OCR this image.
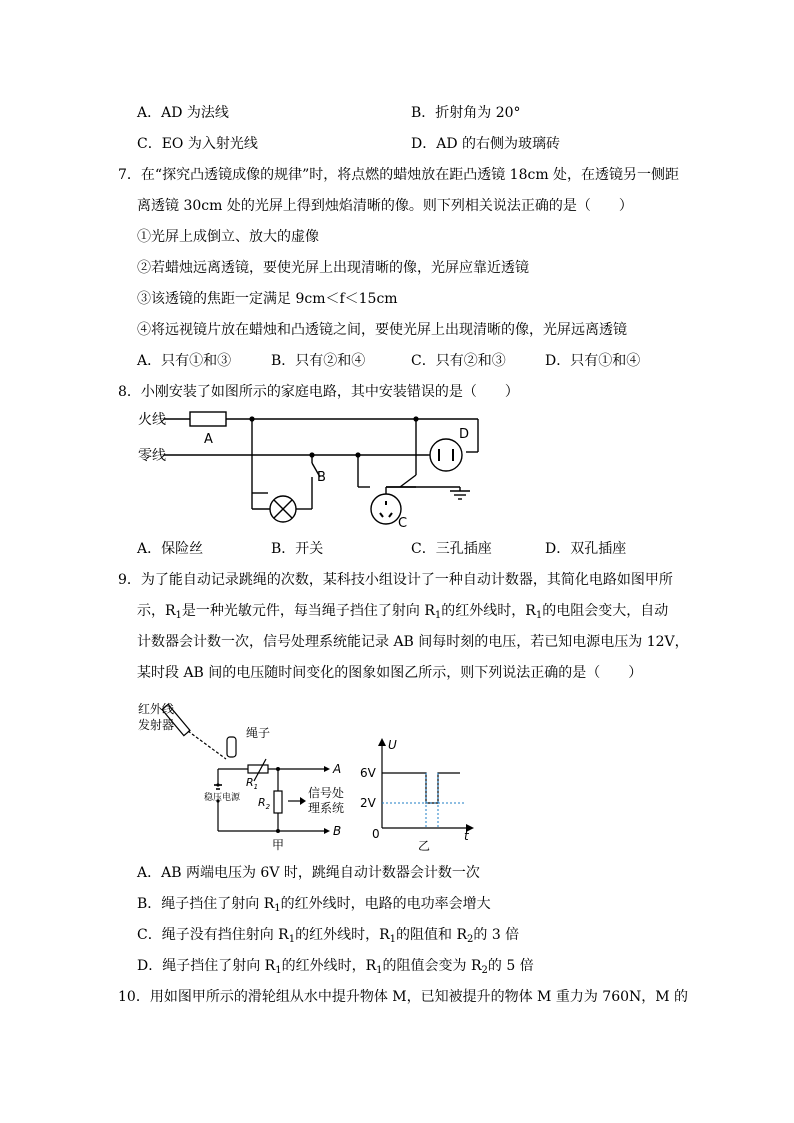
A．AD 为法线	B．折射角为 20°
C．EO 为入射光线	D．AD 的右侧为玻璃砖
7．在“探究凸透镜成像的规律”时，将点燃的蜡烛放在距凸透镜 18cm 处，在透镜另一侧距
离透镜 30cm 处的光屏上得到烛焰清晰的像。则下列相关说法正确的是（　　）
①光屏上成倒立、放大的虚像
②若蜡烛远离透镜，要使光屏上出现清晰的像，光屏应靠近透镜
③该透镜的焦距一定满足 9cm＜f＜15cm
④将远视镜片放在蜡烛和凸透镜之间，要使光屏上出现清晰的像，光屏远离透镜
A．只有①和③	B．只有②和④	C．只有②和③	D．只有①和④
8．小刚安装了如图所示的家庭电路，其中安装错误的是（　　）
火线
零线
A
B
C
D
A．保险丝	B．开关	C．三孔插座	D．双孔插座
9．为了能自动记录跳绳的次数，某科技小组设计了一种自动计数器，其简化电路如图甲所
示，$R_1$是一种光敏元件，每当绳子挡住了射向 $R_1$的红外线时，$R_1$的电阻会变大，自动
计数器会计数一次，信号处理系统能记录 AB 间每时刻的电压，若已知电源电压为 12V，
某时段 AB 间的电压随时间变化的图象如图乙所示，则下列说法正确的是（　　）
红外线
发射器
绳子
$R_1$
$R_2$
稳压电源	信号处
理系统
A
B
甲
U
6V
2V
0	t
乙
A．AB 两端电压为 6V 时，跳绳自动计数器会计数一次
B．绳子挡住了射向 $R_1$的红外线时，电路的电功率会增大
C．绳子没有挡住射向 $R_1$的红外线时，$R_1$的阻值和 $R_2$的 3 倍
D．绳子挡住了射向 $R_1$的红外线时，$R_1$的阻值会变为 $R_2$的 5 倍
10．用如图甲所示的滑轮组从水中提升物体 M，已知被提升的物体 M 重力为 760N，M 的
